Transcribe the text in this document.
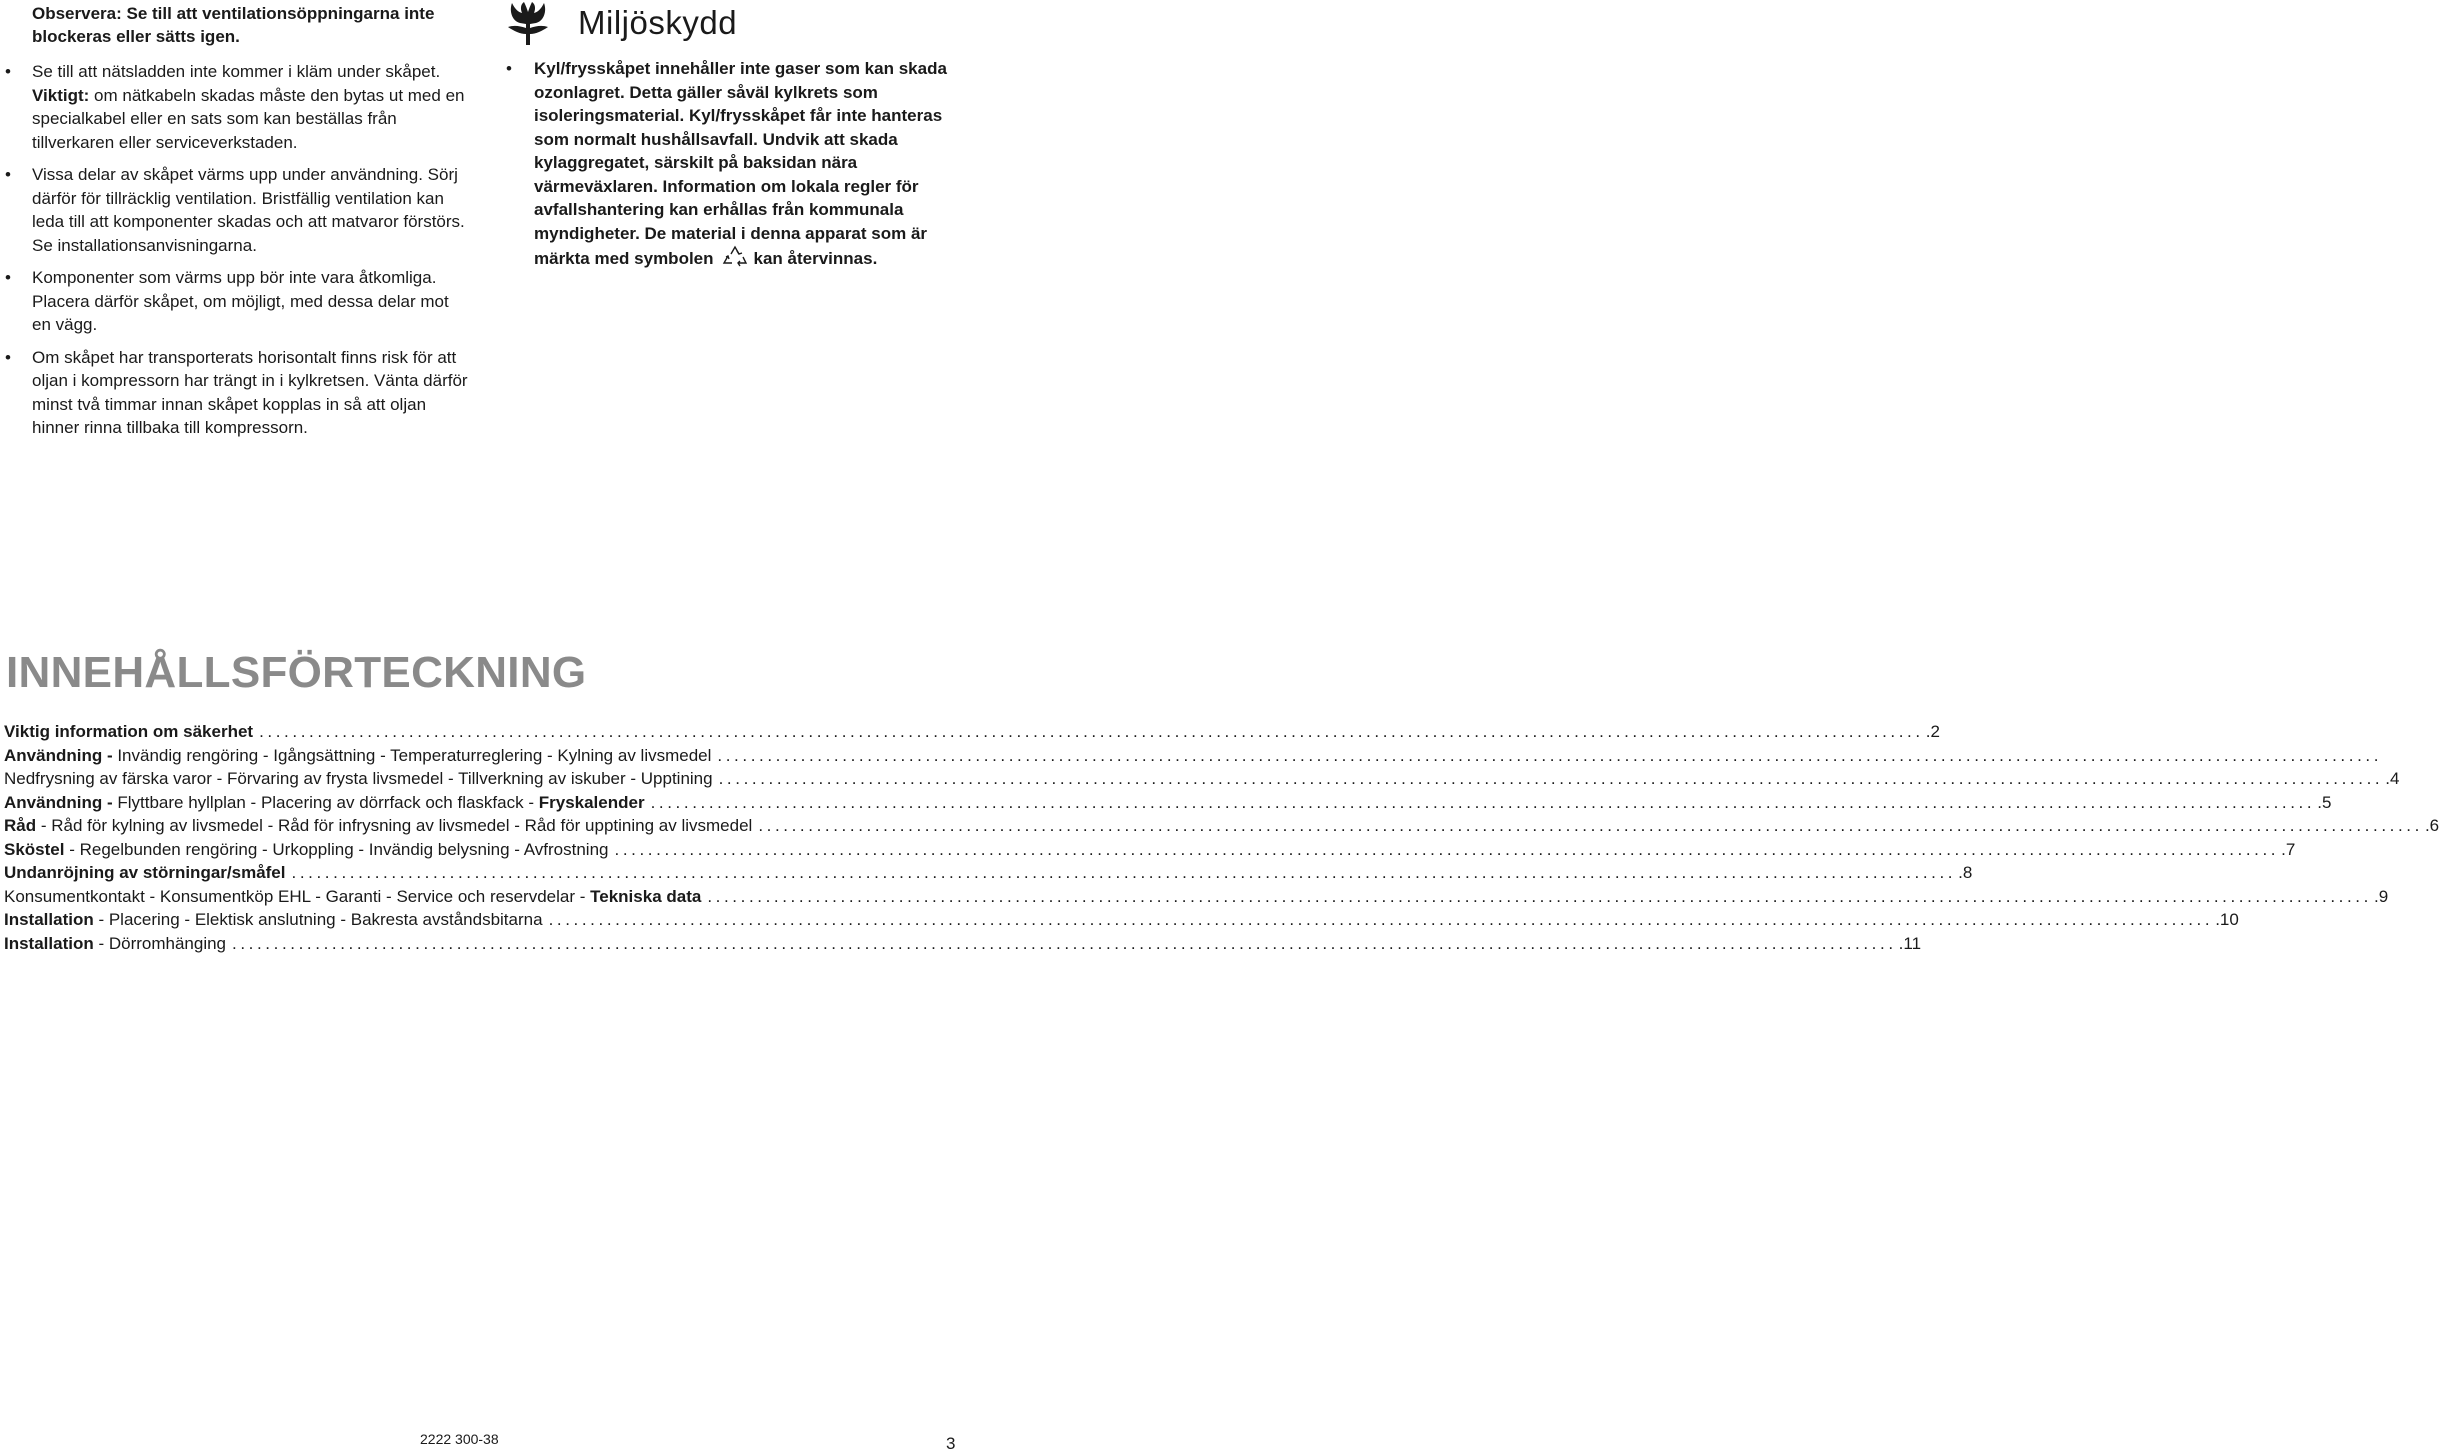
Observera: Se till att ventilationsöppningarna inte blockeras eller sätts igen.

• Se till att nätsladden inte kommer i kläm under skåpet.
Viktigt: om nätkabeln skadas måste den bytas ut med en specialkabel eller en sats som kan beställas från tillverkaren eller serviceverkstaden.
• Vissa delar av skåpet värms upp under användning. Sörj därför för tillräcklig ventilation. Bristfällig ventilation kan leda till att komponenter skadas och att matvaror förstörs. Se installationsanvisningarna.
• Komponenter som värms upp bör inte vara åtkomliga. Placera därför skåpet, om möjligt, med dessa delar mot en vägg.
• Om skåpet har transporterats horisontalt finns risk för att oljan i kompressorn har trängt in i kylkretsen. Vänta därför minst två timmar innan skåpet kopplas in så att oljan hinner rinna tillbaka till kompressorn.
Miljöskydd
• Kyl/frysskåpet innehåller inte gaser som kan skada ozonlagret. Detta gäller såväl kylkrets som isoleringsmaterial. Kyl/frysskåpet får inte hanteras som normalt hushållsavfall. Undvik att skada kylaggregatet, särskilt på baksidan nära värmeväxlaren. Information om lokala regler för avfallshantering kan erhållas från kommunala myndigheter. De material i denna apparat som är märkta med symbolen kan återvinnas.
INNEHÅLLSFÖRTECKNING
Viktig information om säkerhet ........................................................................................................................................................................................................ .2
Användning - Invändig rengöring - Igångsättning - Temperaturreglering - Kylning av livsmedel ........................................................................................................................................................................................................
Nedfrysning av färska varor - Förvaring av frysta livsmedel - Tillverkning av iskuber - Upptining ........................................................................................................................................................................................................ .4
Användning - Flyttbare hyllplan - Placering av dörrfack och flaskfack - Fryskalender ........................................................................................................................................................................................................ .5
Råd - Råd för kylning av livsmedel - Råd för infrysning av livsmedel - Råd för upptining av livsmedel ........................................................................................................................................................................................................ .6
Sköstel - Regelbunden rengöring - Urkoppling - Invändig belysning - Avfrostning ........................................................................................................................................................................................................ .7
Undanröjning av störningar/småfel ........................................................................................................................................................................................................ .8
Konsumentkontakt - Konsumentköp EHL - Garanti - Service och reservdelar - Tekniska data ........................................................................................................................................................................................................ .9
Installation - Placering - Elektisk anslutning - Bakresta avståndsbitarna ........................................................................................................................................................................................................ .10
Installation - Dörromhänging ........................................................................................................................................................................................................ .11
2222 300-38	3
